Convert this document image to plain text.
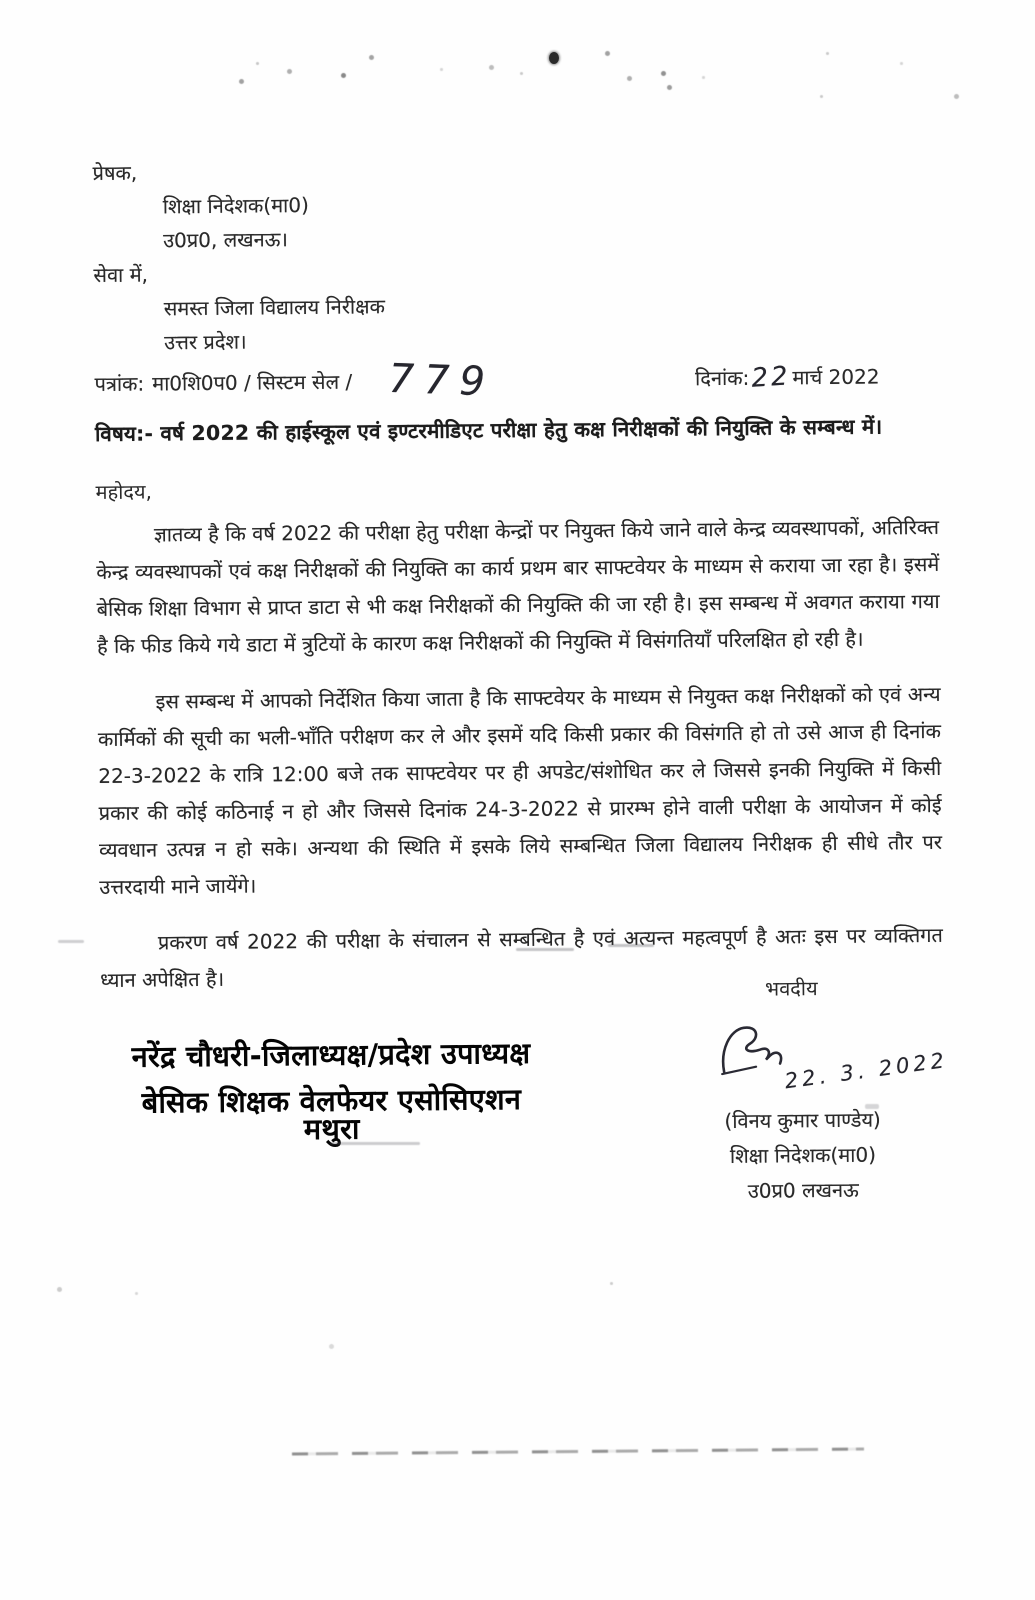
प्रेषक,
शिक्षा निदेशक(मा0)
उ0प्र0, लखनऊ।
सेवा में,
समस्त जिला विद्यालय निरीक्षक
उत्तर प्रदेश।
पत्रांक: मा0शि0प0 / सिस्टम सेल / 779	दिनांक: 22 मार्च 2022
विषय:- वर्ष 2022 की हाईस्कूल एवं इण्टरमीडिएट परीक्षा हेतु कक्ष निरीक्षकों की नियुक्ति के सम्बन्ध में।
महोदय,

ज्ञातव्य है कि वर्ष 2022 की परीक्षा हेतु परीक्षा केन्द्रों पर नियुक्त किये जाने वाले केन्द्र व्यवस्थापकों, अतिरिक्त केन्द्र व्यवस्थापकों एवं कक्ष निरीक्षकों की नियुक्ति का कार्य प्रथम बार साफ्टवेयर के माध्यम से कराया जा रहा है। इसमें बेसिक शिक्षा विभाग से प्राप्त डाटा से भी कक्ष निरीक्षकों की नियुक्ति की जा रही है। इस सम्बन्ध में अवगत कराया गया है कि फीड किये गये डाटा में त्रुटियों के कारण कक्ष निरीक्षकों की नियुक्ति में विसंगतियाँ परिलक्षित हो रही है।

इस सम्बन्ध में आपको निर्देशित किया जाता है कि साफ्टवेयर के माध्यम से नियुक्त कक्ष निरीक्षकों को एवं अन्य कार्मिकों की सूची का भली-भाँति परीक्षण कर ले और इसमें यदि किसी प्रकार की विसंगति हो तो उसे आज ही दिनांक 22-3-2022 के रात्रि 12:00 बजे तक साफ्टवेयर पर ही अपडेट/संशोधित कर ले जिससे इनकी नियुक्ति में किसी प्रकार की कोई कठिनाई न हो और जिससे दिनांक 24-3-2022 से प्रारम्भ होने वाली परीक्षा के आयोजन में कोई व्यवधान उत्पन्न न हो सके। अन्यथा की स्थिति में इसके लिये सम्बन्धित जिला विद्यालय निरीक्षक ही सीधे तौर पर उत्तरदायी माने जायेंगे।

प्रकरण वर्ष 2022 की परीक्षा के संचालन से सम्बन्धित है एवं अत्यन्त महत्वपूर्ण है अतः इस पर व्यक्तिगत ध्यान अपेक्षित है।	भवदीय
22. 3. 2022
(विनय कुमार पाण्डेय)
शिक्षा निदेशक(मा0)
उ0प्र0 लखनऊ
नरेंद्र चौधरी-जिलाध्यक्ष/प्रदेश उपाध्यक्ष
बेसिक शिक्षक वेलफेयर एसोसिएशन
मथुरा
